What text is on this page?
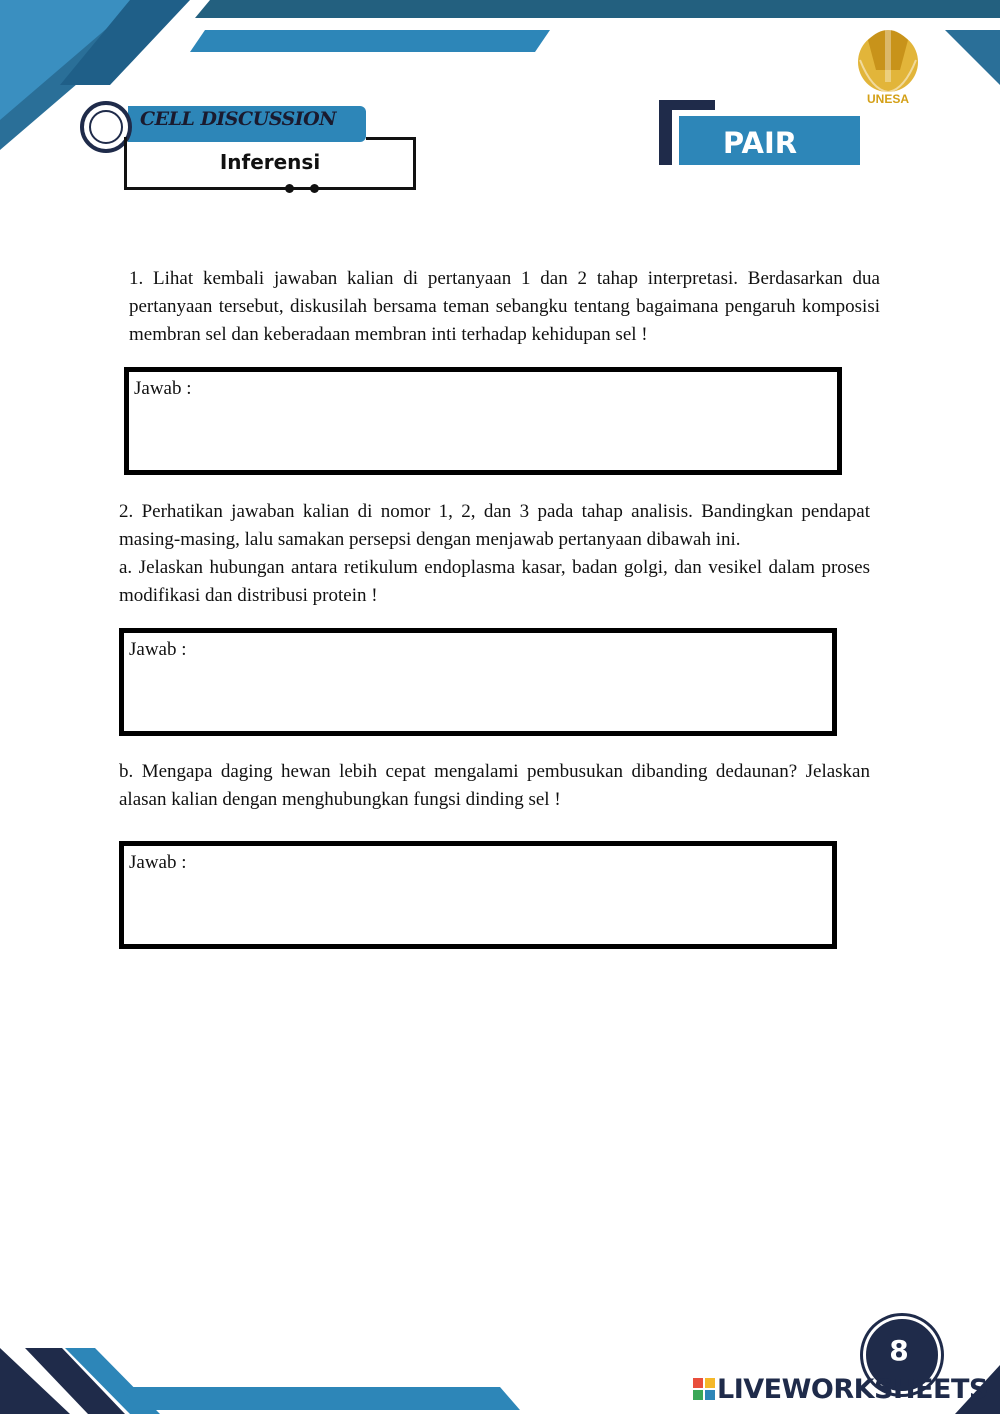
CELL DISCUSSION
Inferensi
PAIR
UNESA

1. Lihat kembali jawaban kalian di pertanyaan 1 dan 2 tahap interpretasi. Berdasarkan dua pertanyaan tersebut, diskusilah bersama teman sebangku tentang bagaimana pengaruh komposisi membran sel dan keberadaan membran inti terhadap kehidupan sel !

Jawab :

2. Perhatikan jawaban kalian di nomor 1, 2, dan 3 pada tahap analisis. Bandingkan pendapat masing-masing, lalu samakan persepsi dengan menjawab pertanyaan dibawah ini.

a. Jelaskan hubungan antara retikulum endoplasma kasar, badan golgi, dan vesikel dalam proses modifikasi dan distribusi protein !

Jawab :

b. Mengapa daging hewan lebih cepat mengalami pembusukan dibanding dedaunan? Jelaskan alasan kalian dengan menghubungkan fungsi dinding sel !

Jawab :
8
LIVEWORKSHEETS
